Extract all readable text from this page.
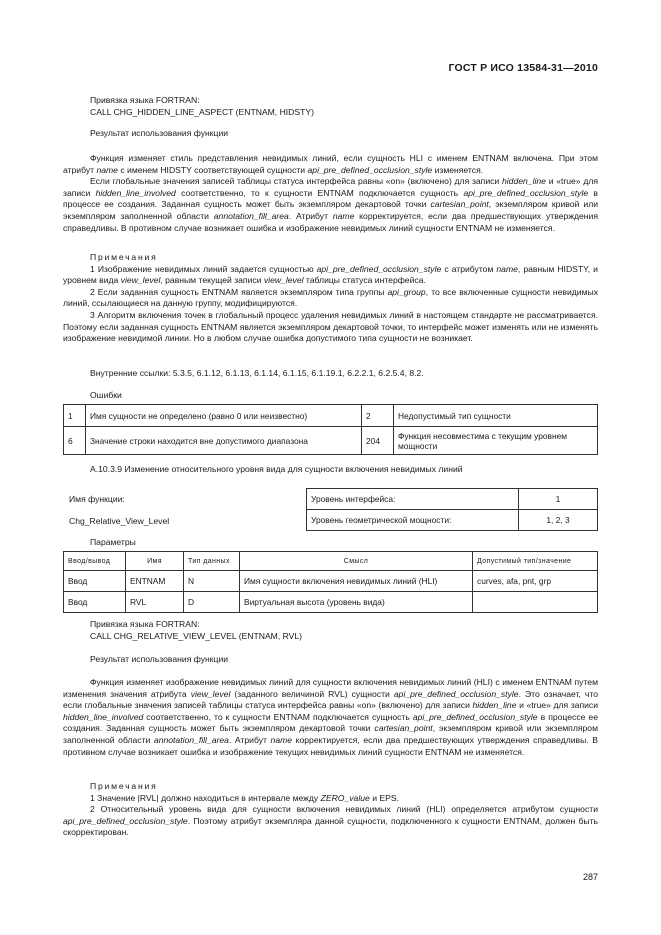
ГОСТ Р ИСО 13584-31—2010

Привязка языка FORTRAN:

CALL CHG_HIDDEN_LINE_ASPECT (ENTNAM, HIDSTY)

Результат использования функции

Функция изменяет стиль представления невидимых линий, если сущность HLI с именем ENTNAM включена. При этом атрибут name с именем HIDSTY соответствующей сущности api_pre_defined_occlusion_style изменяется.

Если глобальные значения записей таблицы статуса интерфейса равны «on» (включено) для записи hidden_line и «true» для записи hidden_line_involved соответственно, то к сущности ENTNAM подключается сущность api_pre_defined_occlusion_style в процессе ее создания. Заданная сущность может быть экземпляром декартовой точки cartesian_point, экземпляром кривой или экземпляром заполненной области annotation_fill_area. Атрибут name корректируется, если два предшествующих утверждения справедливы. В противном случае возникает ошибка и изображение невидимых линий сущности ENTNAM не изменяется.

Примечания

1 Изображение невидимых линий задается сущностью api_pre_defined_occlusion_style с атрибутом name, равным HIDSTY, и уровнем вида view_level, равным текущей записи view_level таблицы статуса интерфейса.

2 Если заданная сущность ENTNAM является экземпляром типа группы api_group, то все включенные сущности невидимых линий, ссылающиеся на данную группу, модифицируются.

3 Алгоритм включения точек в глобальный процесс удаления невидимых линий в настоящем стандарте не рассматривается. Поэтому если заданная сущность ENTNAM является экземпляром декартовой точки, то интерфейс может изменять или не изменять изображение невидимой линии. Но в любом случае ошибка допустимого типа сущности не возникает.

Внутренние ссылки: 5.3.5, 6.1.12, 6.1.13, 6.1.14, 6.1.15, 6.1.19.1, 6.2.2.1, 6.2.5.4, 8.2.

Ошибки

1	Имя сущности не определено (равно 0 или неизвестно)	2	Недопустимый тип сущности
6	Значение строки находится вне допустимого диапазона	204	Функция несовместима с текущим уровнем мощности

А.10.3.9 Изменение относительного уровня вида для сущности включения невидимых линий

Имя функции:
Chg_Relative_View_Level
Уровень интерфейса:	1
Уровень геометрической мощности:	1, 2, 3

Параметры

Ввод/вывод	Имя	Тип данных	Смысл	Допустимый тип/значение
Ввод	ENTNAM	N	Имя сущности включения невидимых линий (HLI)	curves, afa, pnt, grp
Ввод	RVL	D	Виртуальная высота (уровень вида)	

Привязка языка FORTRAN:

CALL CHG_RELATIVE_VIEW_LEVEL (ENTNAM, RVL)

Результат использования функции

Функция изменяет изображение невидимых линий для сущности включения невидимых линий (HLI) с именем ENTNAM путем изменения значения атрибута view_level (заданного величиной RVL) сущности api_pre_defined_occlusion_style. Это означает, что если глобальные значения записей таблицы статуса интерфейса равны «on» (включено) для записи hidden_line и «true» для записи hidden_line_involved соответственно, то к сущности ENTNAM подключается сущность api_pre_defined_occlusion_style в процессе ее создания. Заданная сущность может быть экземпляром декартовой точки cartesian_point, экземпляром кривой или экземпляром заполненной области annotation_fill_area. Атрибут name корректируется, если два предшествующих утверждения справедливы. В противном случае возникает ошибка и изображение текущих невидимых линий сущности ENTNAM не изменяется.

Примечания

1 Значение |RVL| должно находиться в интервале между ZERO_value и EPS.

2 Относительный уровень вида для сущности включения невидимых линий (HLI) определяется атрибутом сущности api_pre_defined_occlusion_style. Поэтому атрибут экземпляра данной сущности, подключенного к сущности ENTNAM, должен быть скорректирован.

287
